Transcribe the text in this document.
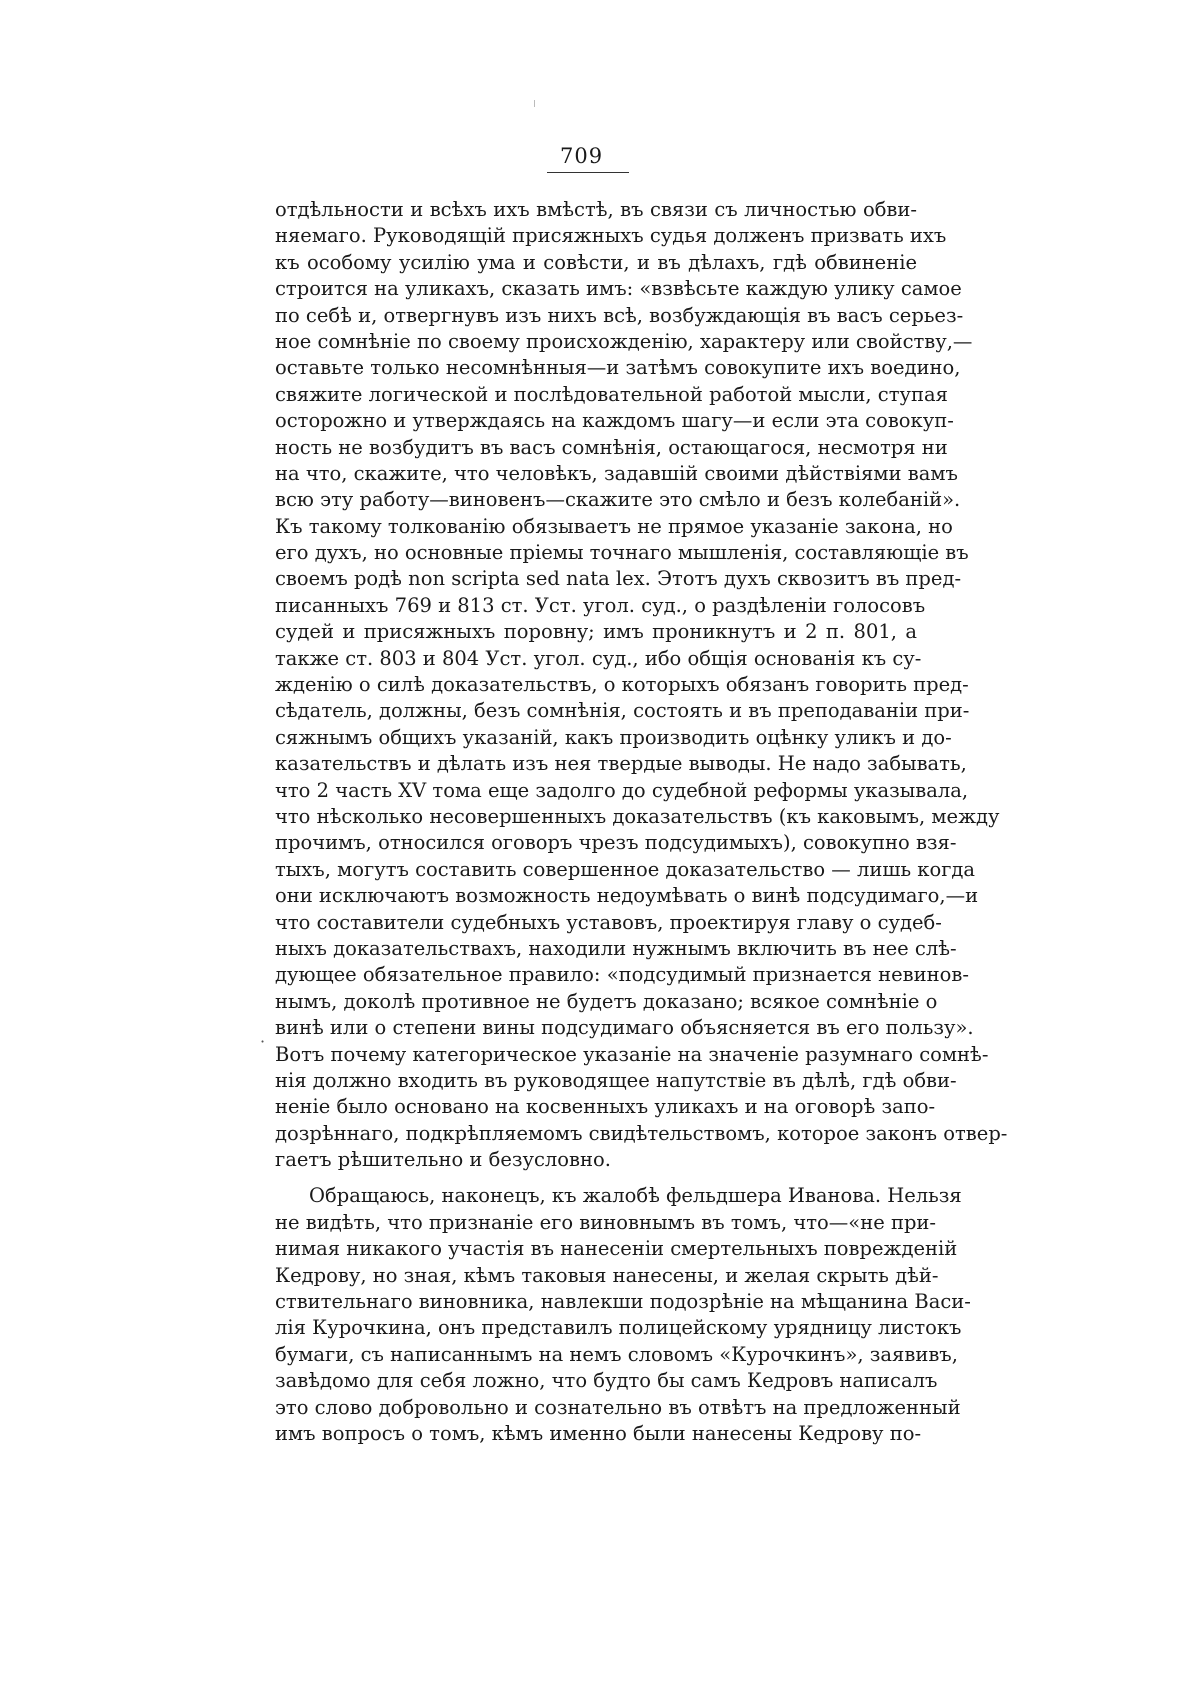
709
·
отдѣльности и всѣхъ ихъ вмѣстѣ, въ связи съ личностью обви-
няемаго. Руководящій присяжныхъ судья долженъ призвать ихъ
къ особому усилію ума и совѣсти, и въ дѣлахъ, гдѣ обвиненіе
строится на уликахъ, сказать имъ: «взвѣсьте каждую улику самое
по себѣ и, отвергнувъ изъ нихъ всѣ, возбуждающія въ васъ серьез-
ное сомнѣніе по своему происхожденію, характеру или свойству,—
оставьте только несомнѣнныя—и затѣмъ совокупите ихъ воедино,
свяжите логической и послѣдовательной работой мысли, ступая
осторожно и утверждаясь на каждомъ шагу—и если эта совокуп-
ность не возбудитъ въ васъ сомнѣнія, остающагося, несмотря ни
на что, скажите, что человѣкъ, задавшій своими дѣйствіями вамъ
всю эту работу—виновенъ—скажите это смѣло и безъ колебаній».
Къ такому толкованію обязываетъ не прямое указаніе закона, но
его духъ, но основные пріемы точнаго мышленія, составляющіе въ
своемъ родѣ non scripta sed nata lex. Этотъ духъ сквозитъ въ пред-
писанныхъ 769 и 813 ст. Уст. угол. суд., о раздѣленіи голосовъ
судей и присяжныхъ поровну; имъ проникнутъ и 2 п. 801, а
также ст. 803 и 804 Уст. угол. суд., ибо общія основанія къ су-
жденію о силѣ доказательствъ, о которыхъ обязанъ говорить пред-
сѣдатель, должны, безъ сомнѣнія, состоять и въ преподаваніи при-
сяжнымъ общихъ указаній, какъ производить оцѣнку уликъ и до-
казательствъ и дѣлать изъ нея твердые выводы. Не надо забывать,
что 2 часть XV тома еще задолго до судебной реформы указывала,
что нѣсколько несовершенныхъ доказательствъ (къ каковымъ, между
прочимъ, относился оговоръ чрезъ подсудимыхъ), совокупно взя-
тыхъ, могутъ составить совершенное доказательство — лишь когда
они исключаютъ возможность недоумѣвать о винѣ подсудимаго,—и
что составители судебныхъ уставовъ, проектируя главу о судеб-
ныхъ доказательствахъ, находили нужнымъ включить въ нее слѣ-
дующее обязательное правило: «подсудимый признается невинов-
нымъ, доколѣ противное не будетъ доказано; всякое сомнѣніе о
винѣ или о степени вины подсудимаго объясняется въ его пользу».
Вотъ почему категорическое указаніе на значеніе разумнаго сомнѣ-
нія должно входить въ руководящее напутствіе въ дѣлѣ, гдѣ обви-
неніе было основано на косвенныхъ уликахъ и на оговорѣ запо-
дозрѣннаго, подкрѣпляемомъ свидѣтельствомъ, которое законъ отвер-
гаетъ рѣшительно и безусловно.
Обращаюсь, наконецъ, къ жалобѣ фельдшера Иванова. Нельзя
не видѣть, что признаніе его виновнымъ въ томъ, что—«не при-
нимая никакого участія въ нанесеніи смертельныхъ поврежденій
Кедрову, но зная, кѣмъ таковыя нанесены, и желая скрыть дѣй-
ствительнаго виновника, навлекши подозрѣніе на мѣщанина Васи-
лія Курочкина, онъ представилъ полицейскому урядницу листокъ
бумаги, съ написаннымъ на немъ словомъ «Курочкинъ», заявивъ,
завѣдомо для себя ложно, что будто бы самъ Кедровъ написалъ
это слово добровольно и сознательно въ отвѣтъ на предложенный
имъ вопросъ о томъ, кѣмъ именно были нанесены Кедрову по-
